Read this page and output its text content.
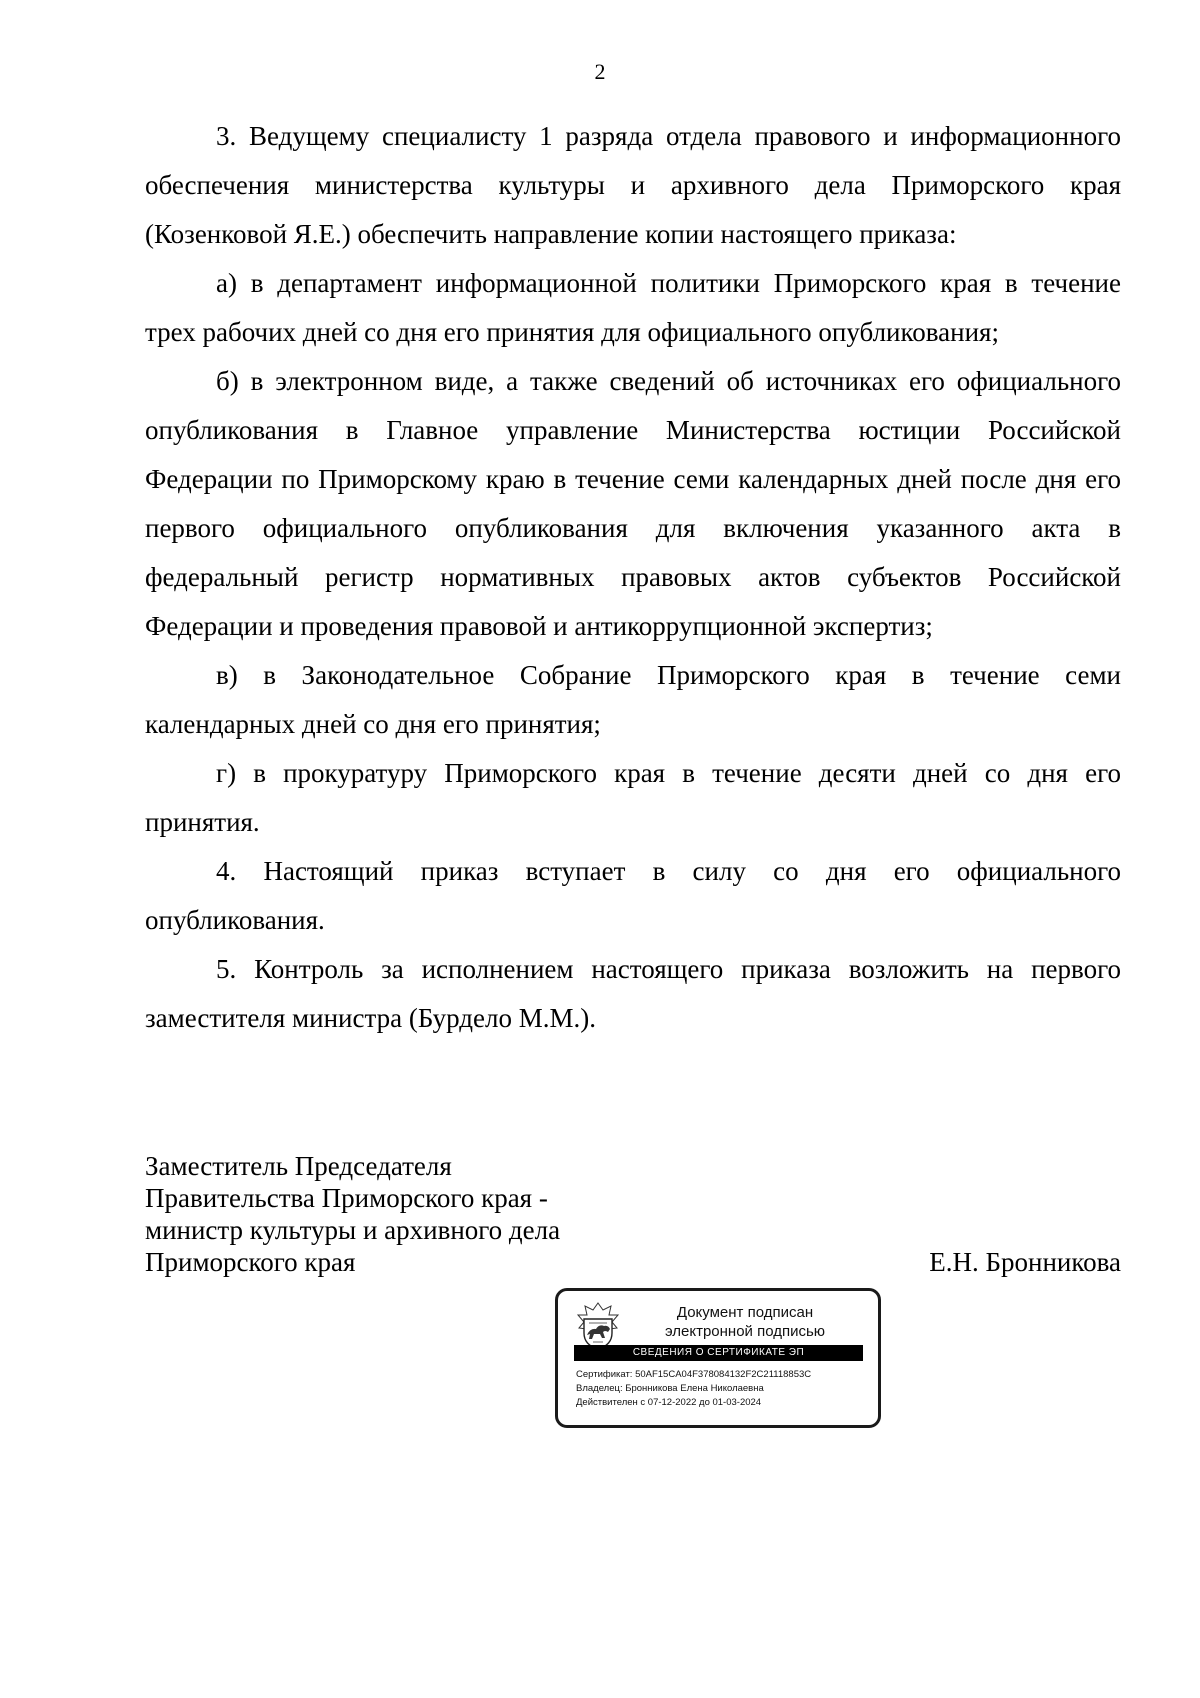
2

3. Ведущему специалисту 1 разряда отдела правового и информационного обеспечения министерства культуры и архивного дела Приморского края (Козенковой Я.Е.) обеспечить направление копии настоящего приказа:

а) в департамент информационной политики Приморского края в течение трех рабочих дней со дня его принятия для официального опубликования;

б) в электронном виде, а также сведений об источниках его официального опубликования в Главное управление Министерства юстиции Российской Федерации по Приморскому краю в течение семи календарных дней после дня его первого официального опубликования для включения указанного акта в федеральный регистр нормативных правовых актов субъектов Российской Федерации и проведения правовой и антикоррупционной экспертиз;

в) в Законодательное Собрание Приморского края в течение семи календарных дней со дня его принятия;

г) в прокуратуру Приморского края в течение десяти дней со дня его принятия.

4. Настоящий приказ вступает в силу со дня его официального опубликования.

5. Контроль за исполнением настоящего приказа возложить на первого заместителя министра (Бурдело М.М.).

Заместитель Председателя
Правительства Приморского края -
министр культуры и архивного дела
Приморского края	Е.Н. Бронникова
Документ подписан
электронной подписью
СВЕДЕНИЯ О СЕРТИФИКАТЕ ЭП
Сертификат: 50AF15CA04F378084132F2C21118853C
Владелец: Бронникова Елена Николаевна
Действителен с 07-12-2022 до 01-03-2024
